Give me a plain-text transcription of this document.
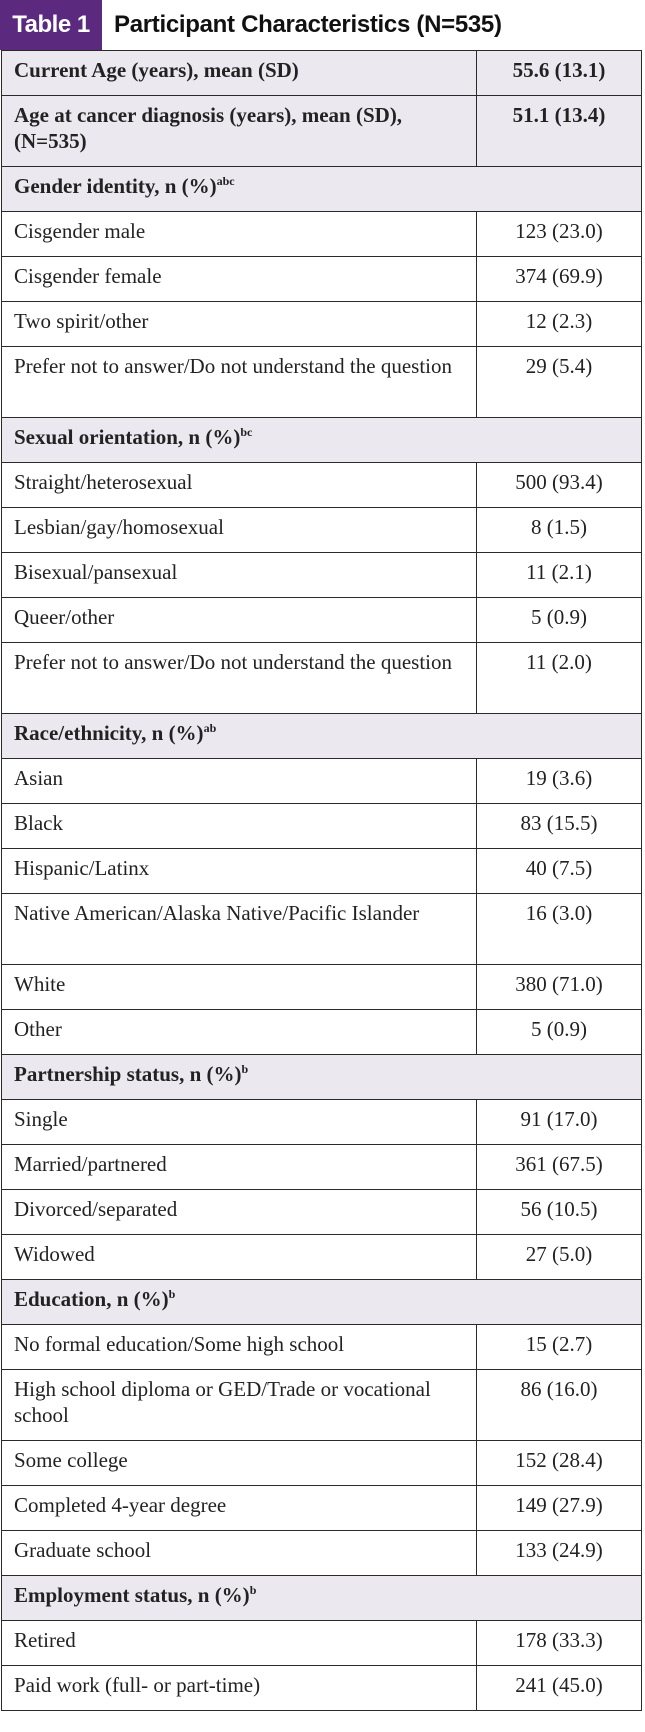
Table 1	Participant Characteristics (N=535)
Current Age (years), mean (SD)	55.6 (13.1)
Age at cancer diagnosis (years), mean (SD), (N=535)	51.1 (13.4)
Gender identity, n (%)$^{abc}$
Cisgender male	123 (23.0)
Cisgender female	374 (69.9)
Two spirit/other	12 (2.3)
Prefer not to answer/Do not understand the question	29 (5.4)
Sexual orientation, n (%)$^{bc}$
Straight/heterosexual	500 (93.4)
Lesbian/gay/homosexual	8 (1.5)
Bisexual/pansexual	11 (2.1)
Queer/other	5 (0.9)
Prefer not to answer/Do not understand the question	11 (2.0)
Race/ethnicity, n (%)$^{ab}$
Asian	19 (3.6)
Black	83 (15.5)
Hispanic/Latinx	40 (7.5)
Native American/Alaska Native/Pacific Islander	16 (3.0)
White	380 (71.0)
Other	5 (0.9)
Partnership status, n (%)$^b$
Single	91 (17.0)
Married/partnered	361 (67.5)
Divorced/separated	56 (10.5)
Widowed	27 (5.0)
Education, n (%)$^b$
No formal education/Some high school	15 (2.7)
High school diploma or GED/Trade or vocational school	86 (16.0)
Some college	152 (28.4)
Completed 4-year degree	149 (27.9)
Graduate school	133 (24.9)
Employment status, n (%)$^b$
Retired	178 (33.3)
Paid work (full- or part-time)	241 (45.0)
